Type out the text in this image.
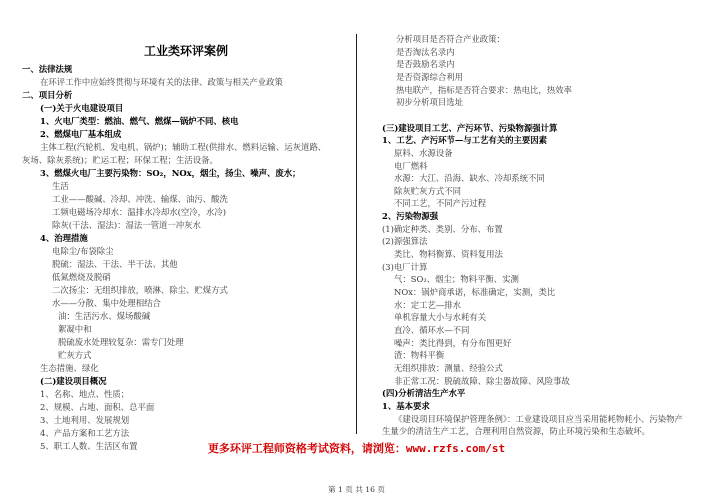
工业类环评案例
一、法律法规
在环评工作中应始终贯彻与环境有关的法律、政策与相关产业政策
二、项目分析
(一)关于火电建设项目
1、火电厂类型：燃油、燃气、燃煤—锅炉不同、核电
2、燃煤电厂基本组成
主体工程(汽轮机、发电机、锅炉)；辅助工程(供排水、燃料运输、运灰道路、
灰场、除灰系统)；贮运工程；环保工程；生活设备。
3、燃煤火电厂主要污染物：SO₂，NOx，烟尘，扬尘、噪声、废水；
生活
工业——酸碱、冷却、冲洗、输煤、油污、酸洗
工频电磁场冷却水：温排水冷却水(空冷，水冷)
除灰(干法、湿法)：湿法一管道一冲灰水
4、治理措施
电除尘/布袋除尘
脱硫：湿法、干法、半干法、其他
低氮燃烧及脱硝
二次扬尘：无组织排放，喷淋、除尘、贮煤方式
水——分散、集中处理相结合
油：生活污水、煤场酸碱
絮凝中和
脱硫废水处理较复杂：需专门处理
贮灰方式
生态措施、绿化
(二)建设项目概况
1、名称、地点、性质；
2、规模、占地、面积、总平面
3、土地利用、发展规划
4、产品方案和工艺方法
5、职工人数、生活区布置
分析项目是否符合产业政策：
是否淘汰名录内
是否鼓励名录内
是否资源综合利用
热电联产，指标是否符合要求：热电比，热效率
初步分析项目选址
(三)建设项目工艺、产污环节、污染物源强计算
1、工艺、产污环节—与工艺有关的主要因素
原料、水源设备
电厂燃料
水源：大江、沿海、缺水、冷却系统不同
除灰贮灰方式不同
不同工艺，不同产污过程
2、污染物源强
(1)确定种类、类别、分布、布置
(2)源强算法
类比、物料衡算、资料复用法
(3)电厂计算
气：SO₂、烟尘；物料平衡、实测
NOx：锅炉商承诺，标准确定，实测，类比
水：定工艺—排水
单机容量大小与水耗有关
直冷、循环水—不同
噪声：类比得到，有分布图更好
渣：物料平衡
无组织排放：测量、经验公式
非正常工况：脱硫故障、除尘器故障、风险事故
(四)分析清洁生产水平
1、基本要求
《建设项目环境保护管理条例》：工业建设项目应当采用能耗物耗小、污染物产
生量少的清洁生产工艺，合理利用自然资源，防止环境污染和生态破坏。
更多环评工程师资格考试资料，请浏览：www.rzfs.com/st
第 1 页 共 16 页
